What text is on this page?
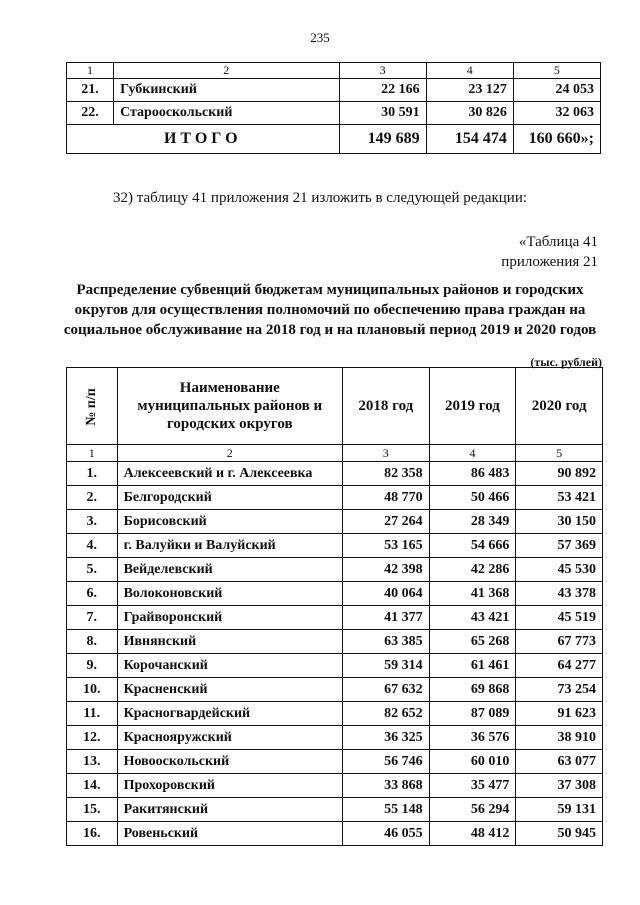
235
1	2	3	4	5
21.	Губкинский	22 166	23 127	24 053
22.	Старооскольский	30 591	30 826	32 063
ИТОГО		149 689	154 474	160 660»;
32) таблицу 41 приложения 21 изложить в следующей редакции:
«Таблица 41
приложения 21
Распределение субвенций бюджетам муниципальных районов и городских
округов для осуществления полномочий по обеспечению права граждан на
социальное обслуживание на 2018 год и на плановый период 2019 и 2020 годов
(тыс. рублей)
№ п/п	Наименование
муниципальных районов и
городских округов	2018 год	2019 год	2020 год
1	2	3	4	5
1.	Алексеевский и г. Алексеевка	82 358	86 483	90 892
2.	Белгородский	48 770	50 466	53 421
3.	Борисовский	27 264	28 349	30 150
4.	г. Валуйки и Валуйский	53 165	54 666	57 369
5.	Вейделевский	42 398	42 286	45 530
6.	Волоконовский	40 064	41 368	43 378
7.	Грайворонский	41 377	43 421	45 519
8.	Ивнянский	63 385	65 268	67 773
9.	Корочанский	59 314	61 461	64 277
10.	Красненский	67 632	69 868	73 254
11.	Красногвардейский	82 652	87 089	91 623
12.	Краснояружский	36 325	36 576	38 910
13.	Новооскольский	56 746	60 010	63 077
14.	Прохоровский	33 868	35 477	37 308
15.	Ракитянский	55 148	56 294	59 131
16.	Ровеньский	46 055	48 412	50 945
